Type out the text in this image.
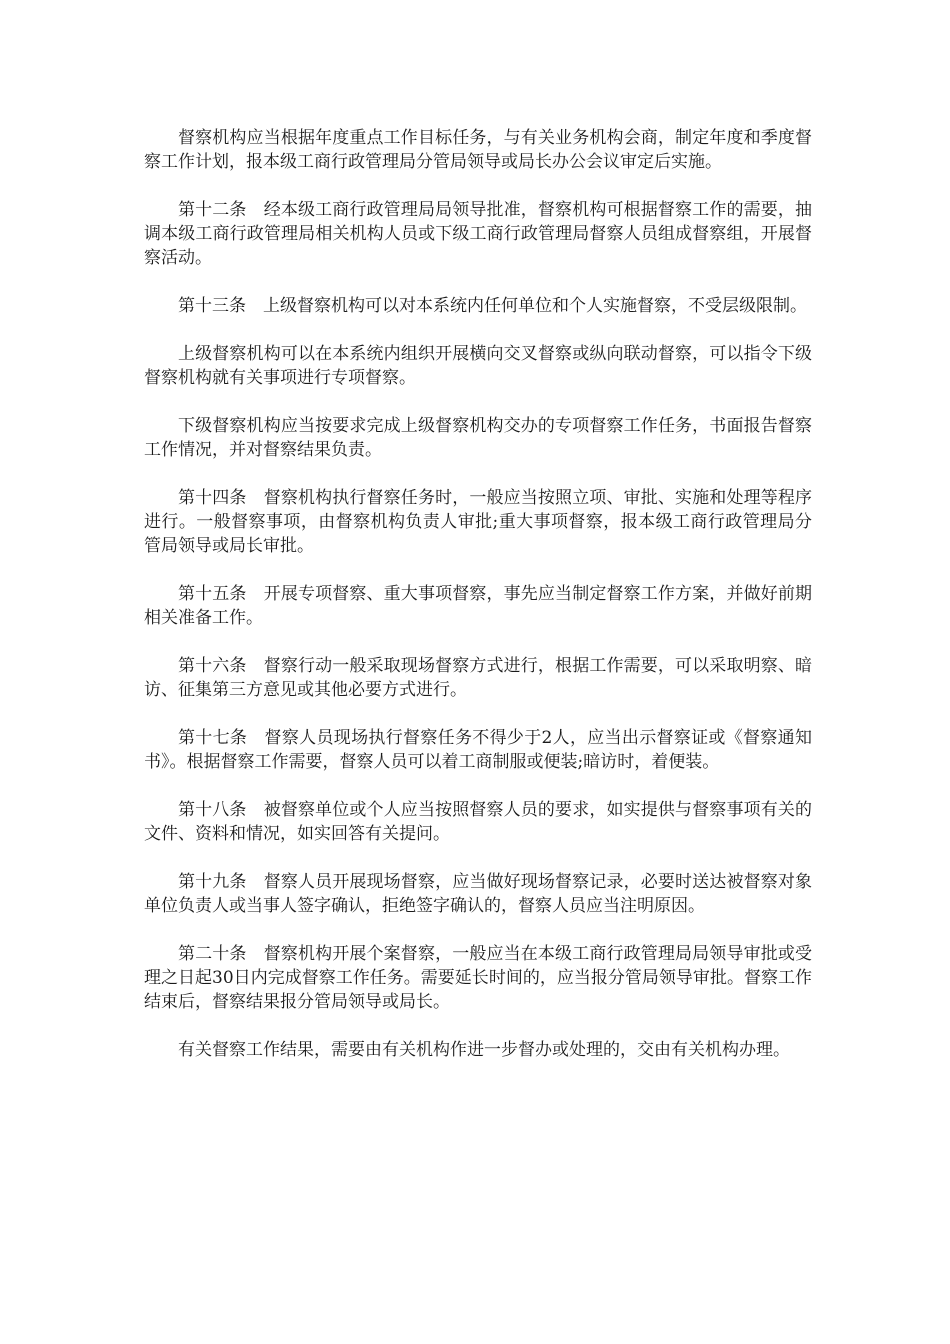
督察机构应当根据年度重点工作目标任务，与有关业务机构会商，制定年度和季度督察工作计划，报本级工商行政管理局分管局领导或局长办公会议审定后实施。

第十二条　经本级工商行政管理局局领导批准，督察机构可根据督察工作的需要，抽调本级工商行政管理局相关机构人员或下级工商行政管理局督察人员组成督察组，开展督察活动。

第十三条　上级督察机构可以对本系统内任何单位和个人实施督察，不受层级限制。

上级督察机构可以在本系统内组织开展横向交叉督察或纵向联动督察，可以指令下级督察机构就有关事项进行专项督察。

下级督察机构应当按要求完成上级督察机构交办的专项督察工作任务，书面报告督察工作情况，并对督察结果负责。

第十四条　督察机构执行督察任务时，一般应当按照立项、审批、实施和处理等程序进行。一般督察事项，由督察机构负责人审批;重大事项督察，报本级工商行政管理局分管局领导或局长审批。

第十五条　开展专项督察、重大事项督察，事先应当制定督察工作方案，并做好前期相关准备工作。

第十六条　督察行动一般采取现场督察方式进行，根据工作需要，可以采取明察、暗访、征集第三方意见或其他必要方式进行。

第十七条　督察人员现场执行督察任务不得少于2人，应当出示督察证或《督察通知书》。根据督察工作需要，督察人员可以着工商制服或便装;暗访时，着便装。

第十八条　被督察单位或个人应当按照督察人员的要求，如实提供与督察事项有关的文件、资料和情况，如实回答有关提问。

第十九条　督察人员开展现场督察，应当做好现场督察记录，必要时送达被督察对象单位负责人或当事人签字确认，拒绝签字确认的，督察人员应当注明原因。

第二十条　督察机构开展个案督察，一般应当在本级工商行政管理局局领导审批或受理之日起30日内完成督察工作任务。需要延长时间的，应当报分管局领导审批。督察工作结束后，督察结果报分管局领导或局长。

有关督察工作结果，需要由有关机构作进一步督办或处理的，交由有关机构办理。
